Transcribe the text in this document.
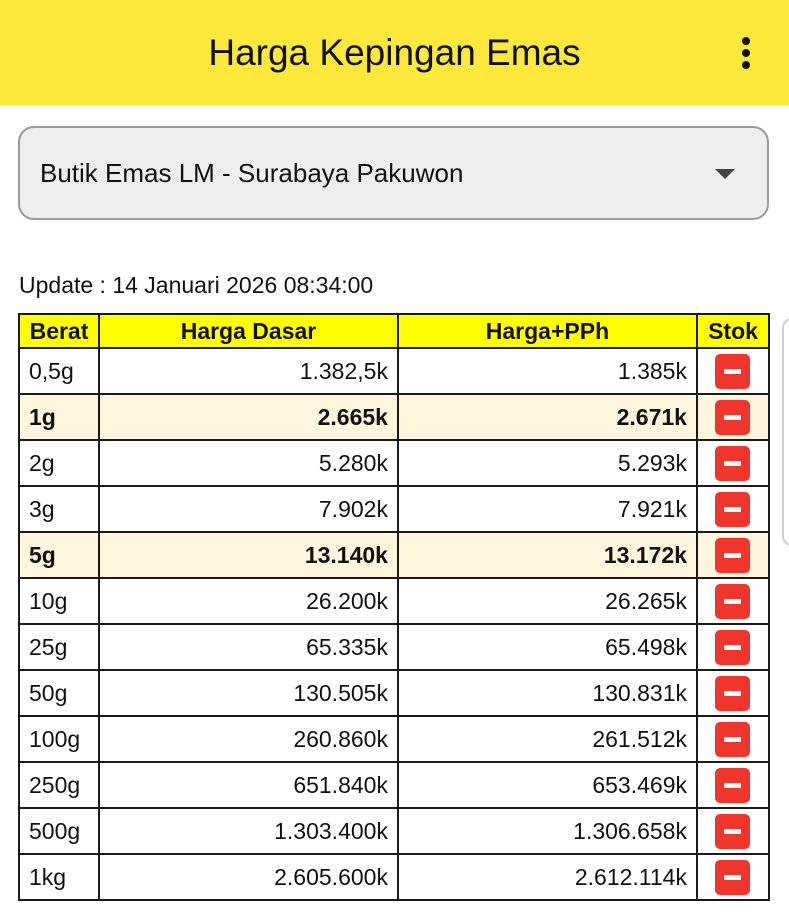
Harga Kepingan Emas
Butik Emas LM - Surabaya Pakuwon
Update : 14 Januari 2026 08:34:00
Berat	Harga Dasar	Harga+PPh	Stok
0,5g	1.382,5k	1.385k	
1g	2.665k	2.671k	
2g	5.280k	5.293k	
3g	7.902k	7.921k	
5g	13.140k	13.172k	
10g	26.200k	26.265k	
25g	65.335k	65.498k	
50g	130.505k	130.831k	
100g	260.860k	261.512k	
250g	651.840k	653.469k	
500g	1.303.400k	1.306.658k	
1kg	2.605.600k	2.612.114k	
